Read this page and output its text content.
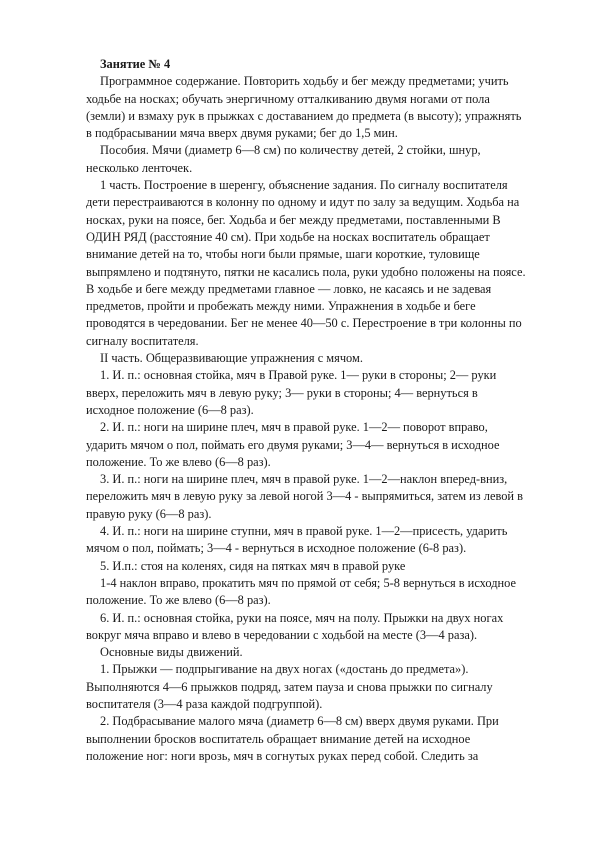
Занятие № 4

Программное содержание. Повторить ходьбу и бег между предметами; учить ходьбе на носках; обучать энергичному отталкиванию двумя ногами от пола (земли) и взмаху рук в прыжках с доставанием до предмета (в высоту); упражнять в подбрасывании мяча вверх двумя руками; бег до 1,5 мин.

Пособия. Мячи (диаметр 6—8 см) по количеству детей, 2 стойки, шнур, несколько ленточек.

1 часть. Построение в шеренгу, объяснение задания. По сигналу воспитателя дети перестраиваются в колонну по одному и идут по залу за ведущим. Ходьба на носках, руки на поясе, бег. Ходьба и бег между предметами, поставленными В ОДИН РЯД (расстояние 40 см). При ходьбе на носках воспитатель обращает внимание детей на то, чтобы ноги были прямые, шаги короткие, туловище выпрямлено и подтянуто, пятки не касались пола, руки удобно положены на поясе. В ходьбе и беге между предметами главное — ловко, не касаясь и не задевая предметов, пройти и пробежать между ними. Упражнения в ходьбе и беге проводятся в чередовании. Бег не менее 40—50 с. Перестроение в три колонны по сигналу воспитателя.

II часть. Общеразвивающие упражнения с мячом.

1. И. п.: основная стойка, мяч в Правой руке. 1— руки в стороны; 2— руки вверх, переложить мяч в левую руку; 3— руки в стороны; 4— вернуться в исходное положение (6—8 раз).

2. И. п.: ноги на ширине плеч, мяч в правой руке. 1—2— поворот вправо, ударить мячом о пол, поймать его двумя руками; 3—4— вернуться в исходное положение. То же влево (6—8 раз).

3. И. п.: ноги на ширине плеч, мяч в правой руке. 1—2—наклон вперед-вниз, переложить мяч в левую руку за левой ногой 3—4 - выпрямиться, затем из левой в правую руку (6—8 раз).

4. И. п.: ноги на ширине ступни, мяч в правой руке. 1—2—присесть, ударить мячом о пол, поймать; 3—4 - вернуться в исходное положение (6-8 раз).

5. И.п.: стоя на коленях, сидя на пятках мяч в правой руке

1-4 наклон вправо, прокатить мяч по прямой от себя; 5-8 вернуться в исходное положение. То же влево (6—8 раз).

6. И. п.: основная стойка, руки на поясе, мяч на полу. Прыжки на двух ногах вокруг мяча вправо и влево в чередовании с ходьбой на месте (3—4 раза).

Основные виды движений.

1. Прыжки — подпрыгивание на двух ногах («достань до предмета»). Выполняются 4—6 прыжков подряд, затем пауза и снова прыжки по сигналу воспитателя (3—4 раза каждой подгруппой).

2. Подбрасывание малого мяча (диаметр 6—8 см) вверх двумя руками. При выполнении бросков воспитатель обращает внимание детей на исходное положение ног: ноги врозь, мяч в согнутых руках перед собой. Следить за
